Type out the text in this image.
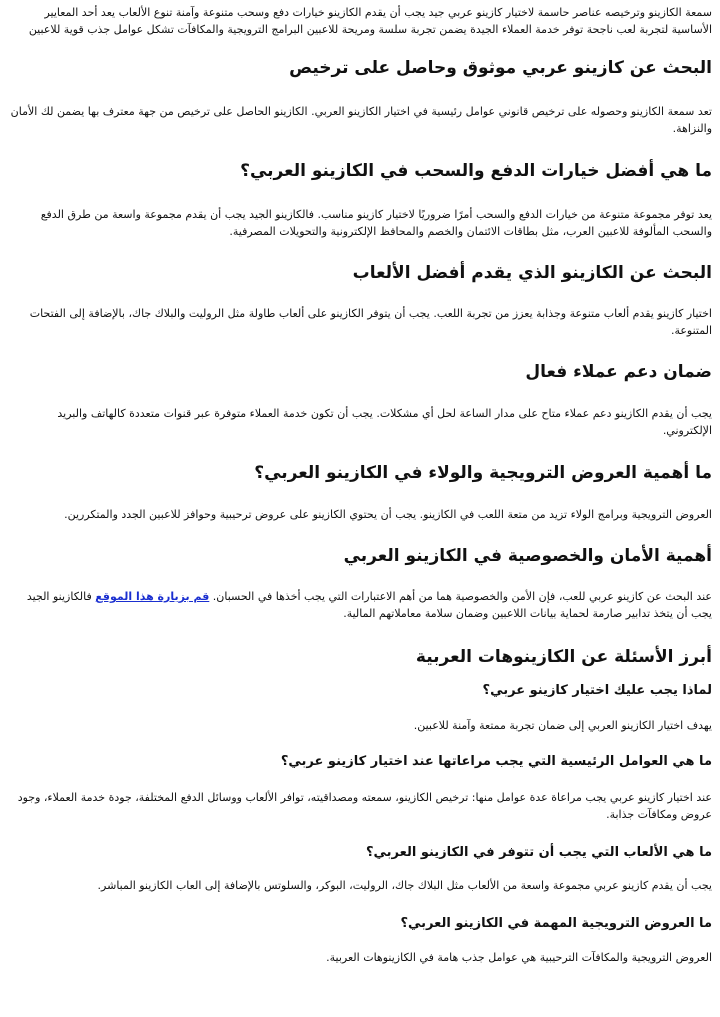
سمعة الكازينو وترخيصه عناصر حاسمة لاختيار كازينو عربي جيد يجب أن يقدم الكازينو خيارات دفع وسحب متنوعة وآمنة تنوع الألعاب يعد أحد المعايير الأساسية لتجربة لعب ناجحة توفر خدمة العملاء الجيدة يضمن تجربة سلسة ومريحة للاعبين البرامج الترويجية والمكافآت تشكل عوامل جذب قوية للاعبين

البحث عن كازينو عربي موثوق وحاصل على ترخيص

تعد سمعة الكازينو وحصوله على ترخيص قانوني عوامل رئيسية في اختيار الكازينو العربي. الكازينو الحاصل على ترخيص من جهة معترف بها يضمن لك الأمان والنزاهة.

ما هي أفضل خيارات الدفع والسحب في الكازينو العربي؟

يعد توفر مجموعة متنوعة من خيارات الدفع والسحب أمرًا ضروريًا لاختيار كازينو مناسب. فالكازينو الجيد يجب أن يقدم مجموعة واسعة من طرق الدفع والسحب المألوفة للاعبين العرب، مثل بطاقات الائتمان والخصم والمحافظ الإلكترونية والتحويلات المصرفية.

البحث عن الكازينو الذي يقدم أفضل الألعاب

اختيار كازينو يقدم ألعاب متنوعة وجذابة يعزز من تجربة اللعب. يجب أن يتوفر الكازينو على ألعاب طاولة مثل الروليت والبلاك جاك، بالإضافة إلى الفتحات المتنوعة.

ضمان دعم عملاء فعال

يجب أن يقدم الكازينو دعم عملاء متاح على مدار الساعة لحل أي مشكلات. يجب أن تكون خدمة العملاء متوفرة عبر قنوات متعددة كالهاتف والبريد الإلكتروني.

ما أهمية العروض الترويجية والولاء في الكازينو العربي؟

العروض الترويجية وبرامج الولاء تزيد من متعة اللعب في الكازينو. يجب أن يحتوي الكازينو على عروض ترحيبية وحوافز للاعبين الجدد والمتكررين.

أهمية الأمان والخصوصية في الكازينو العربي

عند البحث عن كازينو عربي للعب، فإن الأمن والخصوصية هما من أهم الاعتبارات التي يجب أخذها في الحسبان. قم بزيارة هذا الموقع فالكازينو الجيد يجب أن يتخذ تدابير صارمة لحماية بيانات اللاعبين وضمان سلامة معاملاتهم المالية.

أبرز الأسئلة عن الكازينوهات العربية
لماذا يجب عليك اختيار كازينو عربي؟

يهدف اختيار الكازينو العربي إلى ضمان تجربة ممتعة وآمنة للاعبين.

ما هي العوامل الرئيسية التي يجب مراعاتها عند اختيار كازينو عربي؟

عند اختيار كازينو عربي يجب مراعاة عدة عوامل منها: ترخيص الكازينو، سمعته ومصداقيته، توافر الألعاب ووسائل الدفع المختلفة، جودة خدمة العملاء، وجود عروض ومكافآت جذابة.

ما هي الألعاب التي يجب أن تتوفر في الكازينو العربي؟

يجب أن يقدم كازينو عربي مجموعة واسعة من الألعاب مثل البلاك جاك، الروليت، البوكر، والسلوتس بالإضافة إلى العاب الكازينو المباشر.

ما العروض الترويجية المهمة في الكازينو العربي؟

العروض الترويجية والمكافآت الترحيبية هي عوامل جذب هامة في الكازينوهات العربية.
